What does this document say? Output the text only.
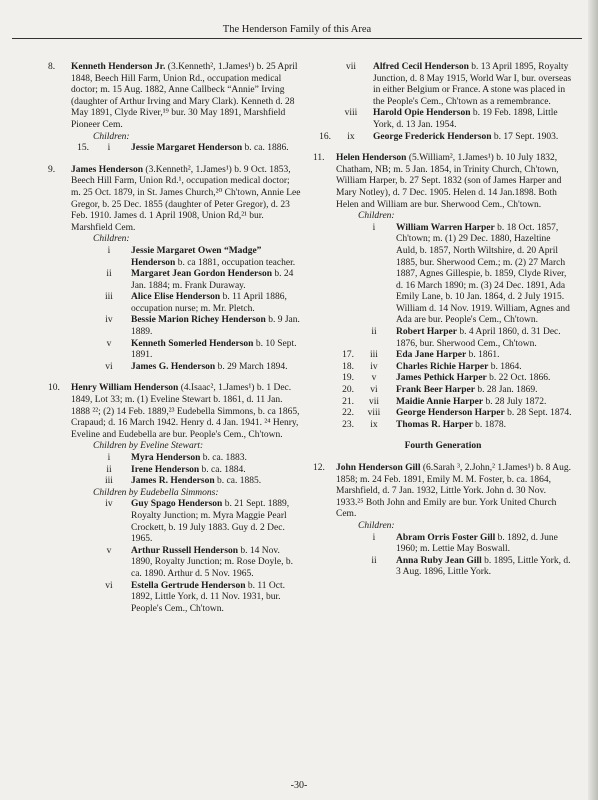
The Henderson Family of this Area
8. Kenneth Henderson Jr. (3.Kenneth², 1.James¹) b. 25 April 1848, Beech Hill Farm, Union Rd., occupation medical doctor; m. 15 Aug. 1882, Anne Callbeck “Annie” Irving (daughter of Arthur Irving and Mary Clark). Kenneth d. 28 May 1891, Clyde River,¹⁹ bur. 30 May 1891, Marshfield Pioneer Cem.
Children:
15.	i	Jessie Margaret Henderson b. ca. 1886.
9. James Henderson (3.Kenneth², 1.James¹) b. 9 Oct. 1853, Beech Hill Farm, Union Rd.¹, occupation medical doctor; m. 25 Oct. 1879, in St. James Church,²⁰ Ch'town, Annie Lee Gregor, b. 25 Dec. 1855 (daughter of Peter Gregor), d. 23 Feb. 1910. James d. 1 April 1908, Union Rd,²¹ bur. Marshfield Cem.
Children:
i	Jessie Margaret Owen “Madge” Henderson b. ca 1881, occupation teacher.
ii	Margaret Jean Gordon Henderson b. 24 Jan. 1884; m. Frank Duraway.
iii	Alice Elise Henderson b. 11 April 1886, occupation nurse; m. Mr. Pletch.
iv	Bessie Marion Richey Henderson b. 9 Jan. 1889.
v	Kenneth Somerled Henderson b. 10 Sept. 1891.
vi	James G. Henderson b. 29 March 1894.
10. Henry William Henderson (4.Isaac², 1.James¹) b. 1 Dec. 1849, Lot 33; m. (1) Eveline Stewart b. 1861, d. 11 Jan. 1888 ²²; (2) 14 Feb. 1889,²³ Eudebella Simmons, b. ca 1865, Crapaud; d. 16 March 1942. Henry d. 4 Jan. 1941. ²⁴ Henry, Eveline and Eudebella are bur. People's Cem., Ch'town.
Children by Eveline Stewart:
i	Myra Henderson b. ca. 1883.
ii	Irene Henderson b. ca. 1884.
iii	James R. Henderson b. ca. 1885.
Children by Eudebella Simmons:
iv	Guy Spago Henderson b. 21 Sept. 1889, Royalty Junction; m. Myra Maggie Pearl Crockett, b. 19 July 1883. Guy d. 2 Dec. 1965.
v	Arthur Russell Henderson b. 14 Nov. 1890, Royalty Junction; m. Rose Doyle, b. ca. 1890. Arthur d. 5 Nov. 1965.
vi	Estella Gertrude Henderson b. 11 Oct. 1892, Little York, d. 11 Nov. 1931, bur. People's Cem., Ch'town.
vii	Alfred Cecil Henderson b. 13 April 1895, Royalty Junction, d. 8 May 1915, World War I, bur. overseas in either Belgium or France. A stone was placed in the People's Cem., Ch'town as a remembrance.
viii	Harold Opie Henderson b. 19 Feb. 1898, Little York, d. 13 Jan. 1954.
16.	ix	George Frederick Henderson b. 17 Sept. 1903.
11. Helen Henderson (5.William², 1.James¹) b. 10 July 1832, Chatham, NB; m. 5 Jan. 1854, in Trinity Church, Ch'town, William Harper, b. 27 Sept. 1832 (son of James Harper and Mary Notley), d. 7 Dec. 1905. Helen d. 14 Jan.1898. Both Helen and William are bur. Sherwood Cem., Ch'town.
Children:
i	William Warren Harper b. 18 Oct. 1857, Ch'town; m. (1) 29 Dec. 1880, Hazeltine Auld, b. 1857, North Wiltshire, d. 20 April 1885, bur. Sherwood Cem.; m. (2) 27 March 1887, Agnes Gillespie, b. 1859, Clyde River, d. 16 March 1890; m. (3) 24 Dec. 1891, Ada Emily Lane, b. 10 Jan. 1864, d. 2 July 1915. William d. 14 Nov. 1919. William, Agnes and Ada are bur. People's Cem., Ch'town.
ii	Robert Harper b. 4 April 1860, d. 31 Dec. 1876, bur. Sherwood Cem., Ch'town.
17.	iii	Eda Jane Harper b. 1861.
18.	iv	Charles Richie Harper b. 1864.
19.	v	James Pethick Harper b. 22 Oct. 1866.
20.	vi	Frank Beer Harper b. 28 Jan. 1869.
21.	vii	Maidie Annie Harper b. 28 July 1872.
22.	viii	George Henderson Harper b. 28 Sept. 1874.
23.	ix	Thomas R. Harper b. 1878.
Fourth Generation
12. John Henderson Gill (6.Sarah ³, 2.John,² 1.James¹) b. 8 Aug. 1858; m. 24 Feb. 1891, Emily M. M. Foster, b. ca. 1864, Marshfield, d. 7 Jan. 1932, Little York. John d. 30 Nov. 1933.²⁵ Both John and Emily are bur. York United Church Cem.
Children:
i	Abram Orris Foster Gill b. 1892, d. June 1960; m. Lettie May Boswall.
ii	Anna Ruby Jean Gill b. 1895, Little York, d. 3 Aug. 1896, Little York.
-30-
